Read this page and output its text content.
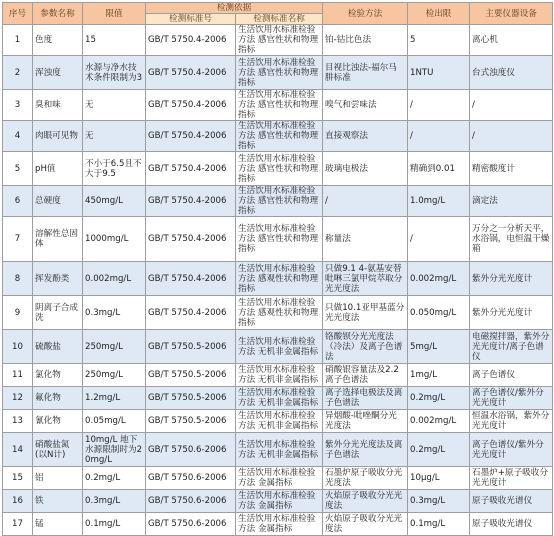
序号	参数名称	限值	检测依据		检验方法	检出限	主要仪器设备
			检测标准号	检测标准名称			
1	色度	15	GB/T 5750.4-2006	生活饮用水标准检验方法 感官性状和物理指标	铂-钴比色法	5	离心机
2	浑浊度	水源与净水技术条件限制为3	GB/T 5750.4-2006	生活饮用水标准检验方法 感官性状和物理指标	目视比浊法-福尔马肼标准	1NTU	台式浊度仪
3	臭和味	无	GB/T 5750.4-2006	生活饮用水标准检验方法 感官性状和物理指标	嗅气和尝味法	/	/
4	肉眼可见物	无	GB/T 5750.4-2006	生活饮用水标准检验方法 感官性状和物理指标	直接观察法	/	/
5	pH值	不小于6.5且不大于9.5	GB/T 5750.4-2006	生活饮用水标准检验方法 感官性状和物理指标	玻璃电极法	精确到0.01	精密酸度计
6	总硬度	450mg/L	GB/T 5750.4-2006	生活饮用水标准检验方法 感官性状和物理指标	/	1.0mg/L	滴定法
7	溶解性总固体	1000mg/L	GB/T 5750.4-2006	生活饮用水标准检验方法 感官性状和物理指标	称量法	/	万分之一分析天平，水浴锅，电恒温干燥箱
8	挥发酚类	0.002mg/L	GB/T 5750.4-2006	生活饮用水标准检验方法 感观性状和物理指标	只做9.1 4-氨基安替吡啉三氯甲烷萃取分光光度法	0.002mg/L	紫外分光光度计
9	阴离子合成洗	0.3mg/L	GB/T 5750.4-2006	生活饮用水标准检验方法 感观性状和物理指标	只做10.1亚甲基蓝分光光度法	0.050mg/L	紫外分光光度计
10	硫酸盐	250mg/L	GB/T 5750.5-2006	生活饮用水标准检验方法 无机非金属指标	铬酸钡分光光度法（冷法）及离子色谱法	5mg/L	电磁搅拌器，紫外分光光度计/离子色谱仪
11	氯化物	250mg/L	GB/T 5750.5-2006	生活饮用水标准检验方法 无机非金属指标	硝酸银容量法及2.2离子色谱法	1mg/L	离子色谱仪
12	氟化物	1.2mg/L	GB/T 5750.5-2006	生活饮用水标准检验方法 无机非金属指标	离子选择电极法及离子色谱法	0.2mg/L	离子色谱仪/紫外分光光度计
13	氰化物	0.05mg/L	GB/T 5750.5-2006	生活饮用水标准检验方法 无机非金属指标	异烟酸-吡唑酮分光光度法	0.002mg/L	恒温水浴锅，紫外分光光度计
14	硝酸盐氮(以N计)	10mg/L 地下水源限制时为20mg/L	GB/T 5750.6-2006	生活饮用水标准检验方法 无机非金属指标	紫外分光光度法及离子色谱法	0.2mg/L	离子色谱仪/紫外分光光度计
15	铝	0.2mg/L	GB/T 5750.6-2006	生活饮用水标准检验方法 金属指标	石墨炉原子吸收分光光度法	10μg/L	石墨炉+原子吸收分光光度计
16	铁	0.3mg/L	GB/T 5750.6-2006	生活饮用水标准检验方法 金属指标	火焰原子吸收分光光度法	0.3mg/L	原子吸收光谱仪
17	锰	0.1mg/L	GB/T 5750.6-2006	生活饮用水标准检验方法 金属指标	火焰原子吸收分光光度法	0.1mg/L	原子吸收光谱仪
